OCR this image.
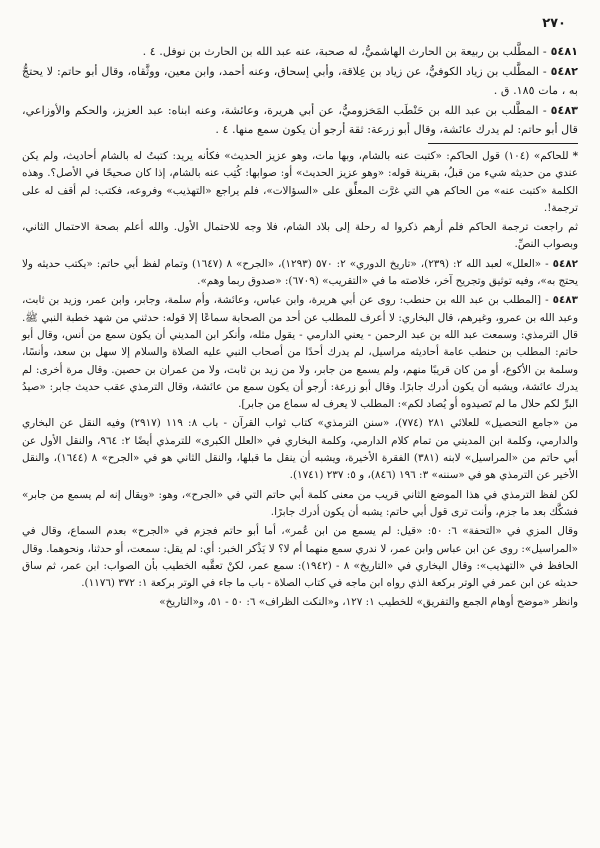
٢٧٠

٥٤٨١- المطَّلب بن ربيعة بن الحارث الهاشميُّ، له صحبة، عنه عبد الله بن الحارث بن نوفل. ٤ .

٥٤٨٢- المطَّلب بن زياد الكوفيُّ، عن زياد بن عِلاقة، وأبي إسحاق، وعنه أحمد، وابن معين، ووثَّقاه، وقال أبو حاتم: لا يحتجُّ به ، مات ١٨٥. ق .

٥٤٨٣- المطَّلب بن عبد الله بن حَنْطَب المَخزوميُّ، عن أبي هريرة، وعائشة، وعنه ابناه: عبد العزيز، والحكم والأوزاعي، قال أبو حاتم: لم يدرك عائشة، وقال أبو زرعة: ثقة أرجو أن يكون سمع منها. ٤ .

*للحاكم» (١٠٤) قول الحاكم: «كتبت عنه بالشام، وبها مات، وهو عزيز الحديث» فكأنه يريد: كتبتُ له بالشام أحاديث، ولم يكن عندي من حديثه شيء من قبلُ، بقرينة قوله: «وهو عزيز الحديث» أو: صوابها: كُتِب عنه بالشام، إذا كان صحيحًا في الأصل؟. وهذه الكلمة «كتبت عنه» من الحاكم هي التي غرَّت المعلِّق على «السؤالات»، فلم يراجع «التهذيب» وفروعه، فكتب: لم أقف له على ترجمة!.

ثم راجعت ترجمة الحاكم فلم أرهم ذكروا له رحلة إلى بلاد الشام، فلا وجه للاحتمال الأول. والله أعلم بصحة الاحتمال الثاني، وبصواب النصِّ.

٥٤٨٢- «العلل» لعبد الله ٢: (٢٣٩)، «تاريخ الدوري» ٢: ٥٧٠ (١٢٩٣)، «الجرح» ٨ (١٦٤٧) وتمام لفظ أبي حاتم: «يكتب حديثه ولا يحتج به»، وفيه توثيق وتجريح آخر، خلاصته ما في «التقريب» (٦٧٠٩): «صدوق ربما وهم».

٥٤٨٣- [المطلب بن عبد الله بن حنطب: روى عن أبي هريرة، وابن عباس، وعائشة، وأم سلمة، وجابر، وابن عمر، وزيد بن ثابت، وعبد الله بن عمرو، وغيرهم، قال البخاري: لا أعرف للمطلب عن أحد من الصحابة سماعًا إلا قوله: حدثني من شهد خطبة النبي ﷺ. قال الترمذي: وسمعت عبد الله بن عبد الرحمن - يعني الدارمي - يقول مثله، وأنكر ابن المديني أن يكون سمع من أنس، وقال أبو حاتم: المطلب بن حنطب عامة أحاديثه مراسيل، لم يدرك أحدًا من أصحاب النبي عليه الصلاة والسلام إلا سهل بن سعد، وأنسًا، وسلمة بن الأكوع، أو من كان قريبًا منهم، ولم يسمع من جابر، ولا من زيد بن ثابت، ولا من عمران بن حصين. وقال مرة أخرى: لم يدرك عائشة، ويشبه أن يكون أدرك جابرًا. وقال أبو زرعة: أرجو أن يكون سمع من عائشة، وقال الترمذي عقب حديث جابر: «صيدُ البرِّ لكم حلال ما لم تَصيدوه أو يُصاد لكم»: المطلب لا يعرف له سماع من جابر].

من «جامع التحصيل» للعلائي ٢٨١ (٧٧٤)، «سنن الترمذي» كتاب ثواب القرآن - باب ٨: ١١٩ (٢٩١٧) وفيه النقل عن البخاري والدارمي، وكلمة ابن المديني من تمام كلام الدارمي، وكلمة البخاري في «العلل الكبرى» للترمذي أيضًا ٢: ٩٦٤، والنقل الأول عن أبي حاتم من «المراسيل» لابنه (٣٨١) الفقرة الأخيرة، ويشبه أن ينقل ما قبلها، والنقل الثاني هو في «الجرح» ٨ (١٦٤٤)، والنقل الأخير عن الترمذي هو في «سننه» ٣: ١٩٦ (٨٤٦)، و ٥: ٢٣٧ (١٧٤١).

لكن لفظ الترمذي في هذا الموضع الثاني قريب من معنى كلمة أبي حاتم التي في «الجرح»، وهو: «ويقال إنه لم يسمع من جابر» فشكَّك بعد ما جزم، وأنت ترى قول أبي حاتم: يشبه أن يكون أدرك جابرًا.

وقال المزي في «التحفة» ٦: ٥٠: «قيل: لم يسمع من ابن عُمر»، أما أبو حاتم فجزم في «الجرح» بعدم السماع، وقال في «المراسيل»: روى عن ابن عباس وابن عمر، لا ندري سمع منهما أم لا؟ لا يَذْكر الخبر: أي: لم يقل: سمعت، أو حدثنا، ونحوهما. وقال الحافظ في «التهذيب»: وقال البخاري في «التاريخ» ٨ - (١٩٤٢): سمع عمر، لكنْ تعقَّبه الخطيب بأن الصواب: ابن عمر، ثم ساق حديثه عن ابن عمر في الوتر بركعة الذي رواه ابن ماجه في كتاب الصلاة - باب ما جاء في الوتر بركعة ١: ٣٧٢ (١١٧٦).

وانظر «موضح أوهام الجمع والتفريق» للخطيب ١: ١٢٧، و«النكت الظراف» ٦: ٥٠ - ٥١، و«التاريخ»
